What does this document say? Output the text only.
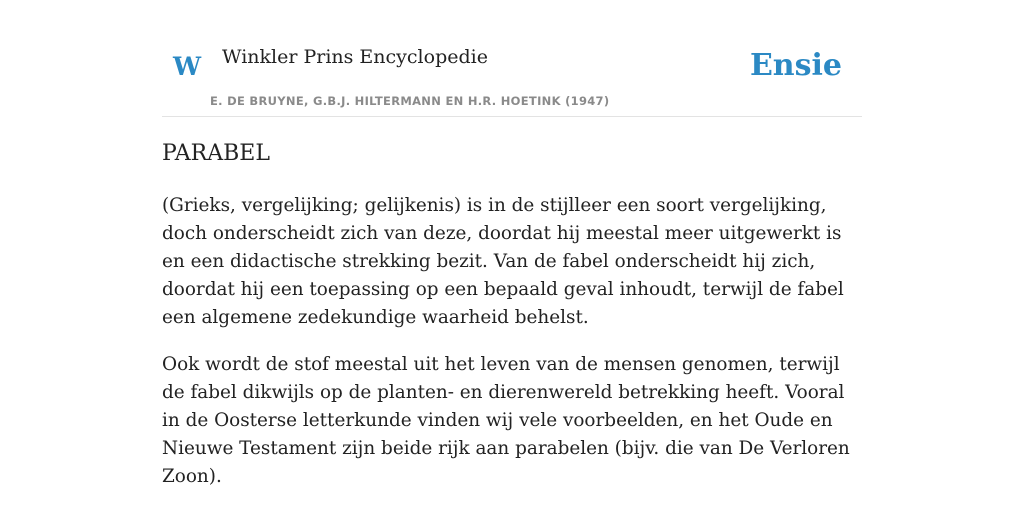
W Winkler Prins Encyclopedie
E. DE BRUYNE, G.B.J. HILTERMANN EN H.R. HOETINK (1947)
Ensie
PARABEL

(Grieks, vergelijking; gelijkenis) is in de stijlleer een soort vergelijking, doch onderscheidt zich van deze, doordat hij meestal meer uitgewerkt is en een didactische strekking bezit. Van de fabel onderscheidt hij zich, doordat hij een toepassing op een bepaald geval inhoudt, terwijl de fabel een algemene zedekundige waarheid behelst.

Ook wordt de stof meestal uit het leven van de mensen genomen, terwijl de fabel dikwijls op de planten- en dierenwereld betrekking heeft. Vooral in de Oosterse letterkunde vinden wij vele voorbeelden, en het Oude en Nieuwe Testament zijn beide rijk aan parabelen (bijv. die van De Verloren Zoon).
